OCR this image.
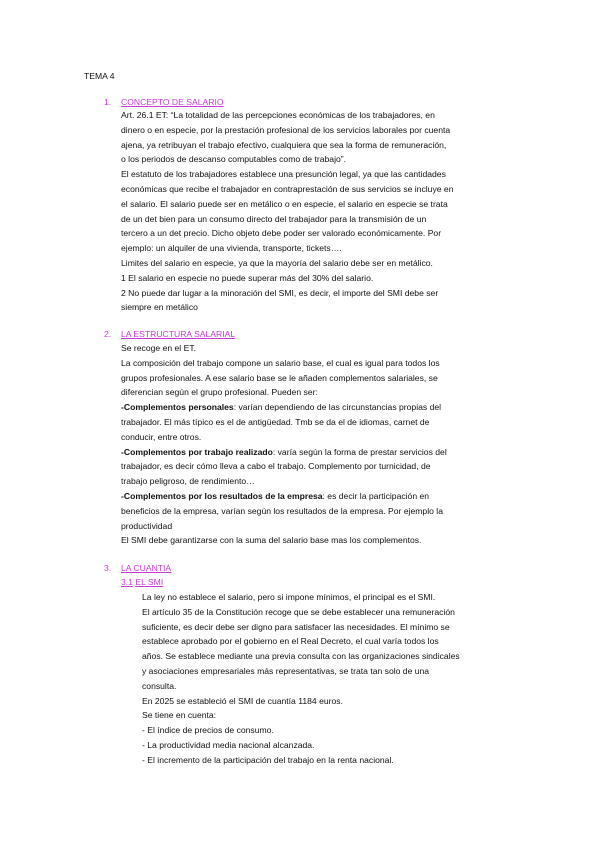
TEMA 4
1. CONCEPTO DE SALARIO

Art. 26.1 ET: “La totalidad de las percepciones económicas de los trabajadores, en

dinero o en especie, por la prestación profesional de los servicios laborales por cuenta

ajena, ya retribuyan el trabajo efectivo, cualquiera que sea la forma de remuneración,

o los periodos de descanso computables como de trabajo”.

El estatuto de los trabajadores establece una presunción legal, ya que las cantidades

económicas que recibe el trabajador en contraprestación de sus servicios se incluye en

el salario. El salario puede ser en metálico o en especie, el salario en especie se trata

de un det bien para un consumo directo del trabajador para la transmisión de un

tercero a un det precio. Dicho objeto debe poder ser valorado económicamente. Por

ejemplo: un alquiler de una vivienda, transporte, tickets….

Limites del salario en especie, ya que la mayoría del salario debe ser en metálico.

1 El salario en especie no puede superar más del 30% del salario.

2 No puede dar lugar a la minoración del SMI, es decir, el importe del SMI debe ser

siempre en metálico

2. LA ESTRUCTURA SALARIAL

Se recoge en el ET.

La composición del trabajo compone un salario base, el cual es igual para todos los

grupos profesionales. A ese salario base se le añaden complementos salariales, se

diferencian según el grupo profesional. Pueden ser:

-Complementos personales: varían dependiendo de las circunstancias propias del

trabajador. El más típico es el de antigüedad. Tmb se da el de idiomas, carnet de

conducir, entre otros.

-Complementos por trabajo realizado: varía según la forma de prestar servicios del

trabajador, es decir cómo lleva a cabo el trabajo. Complemento por turnicidad, de

trabajo peligroso, de rendimiento…

-Complementos por los resultados de la empresa: es decir la participación en

beneficios de la empresa, varían según los resultados de la empresa. Por ejemplo la

productividad

El SMI debe garantizarse con la suma del salario base mas los complementos.

3. LA CUANTIA
3.1 EL SMI

La ley no establece el salario, pero si impone mínimos, el principal es el SMI.

El artículo 35 de la Constitución recoge que se debe establecer una remuneración

suficiente, es decir debe ser digno para satisfacer las necesidades. El mínimo se

establece aprobado por el gobierno en el Real Decreto, el cual varía todos los

años. Se establece mediante una previa consulta con las organizaciones sindicales

y asociaciones empresariales más representativas, se trata tan solo de una

consulta.

En 2025 se estableció el SMI de cuantía 1184 euros.

Se tiene en cuenta:

- El índice de precios de consumo.

- La productividad media nacional alcanzada.

- El incremento de la participación del trabajo en la renta nacional.
